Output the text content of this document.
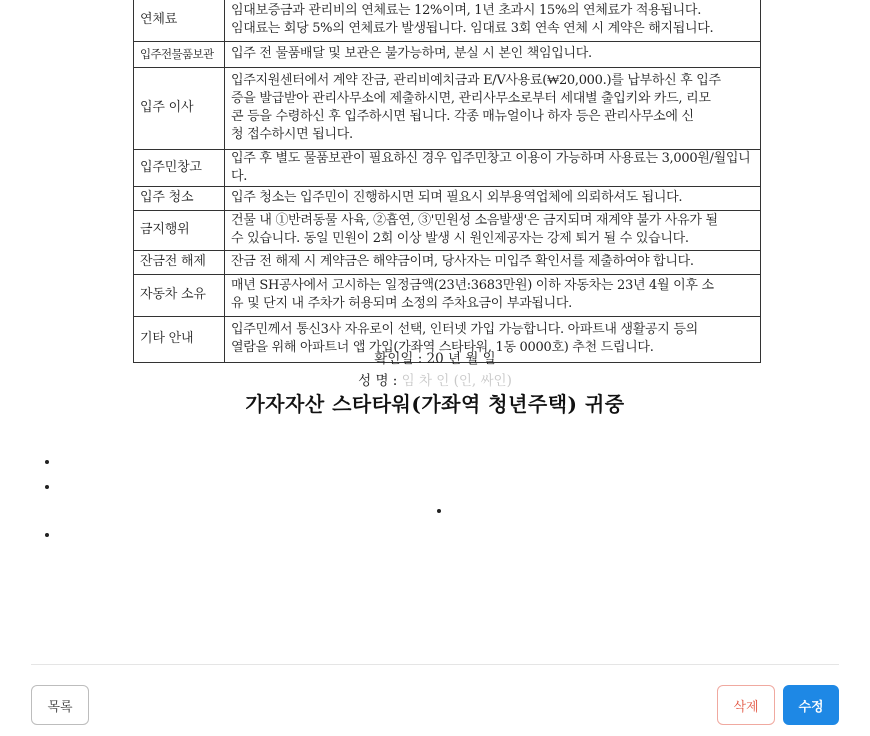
연체료	임대보증금과 관리비의 연체료는 12%이며, 1년 초과시 15%의 연체료가 적용됩니다.
임대료는 회당 5%의 연체료가 발생됩니다. 임대료 3회 연속 연체 시 계약은 해지됩니다.

입주전물품보관	입주 전 물품배달 및 보관은 불가능하며, 분실 시 본인 책임입니다.

입주 이사	입주지원센터에서 계약 잔금, 관리비예치금과 E/V사용료(₩20,000.)를 납부하신 후 입주
증을 발급받아 관리사무소에 제출하시면, 관리사무소로부터 세대별 출입키와 카드, 리모
콘 등을 수령하신 후 입주하시면 됩니다. 각종 매뉴얼이나 하자 등은 관리사무소에 신
청 접수하시면 됩니다.

입주민창고	입주 후 별도 물품보관이 필요하신 경우 입주민창고 이용이 가능하며 사용료는 3,000원/월입니다.

입주 청소	입주 청소는 입주민이 진행하시면 되며 필요시 외부용역업체에 의뢰하셔도 됩니다.

금지행위	건물 내 ①반려동물 사육, ②흡연, ③'민원성 소음발생'은 금지되며 재계약 불가 사유가 될
수 있습니다. 동일 민원이 2회 이상 발생 시 원인제공자는 강제 퇴거 될 수 있습니다.

잔금전 해제	잔금 전 해제 시 계약금은 해약금이며, 당사자는 미입주 확인서를 제출하여야 합니다.

자동차 소유	매년 SH공사에서 고시하는 일정금액(23년:3683만원) 이하 자동차는 23년 4월 이후 소
유 및 단지 내 주차가 허용되며 소정의 주차요금이 부과됩니다.

기타 안내	입주민께서 통신3사 자유로이 선택, 인터넷 가입 가능합니다. 아파트내 생활공지 등의
열람을 위해 아파트너 앱 가입(가좌역 스타타워, 1동 0000호) 추천 드립니다.
확인일 : 20 년 월 일
성 명 : 임 차 인 (인, 싸인)
가자자산 스타타워(가좌역 청년주택) 귀중
목록	삭제	수정
